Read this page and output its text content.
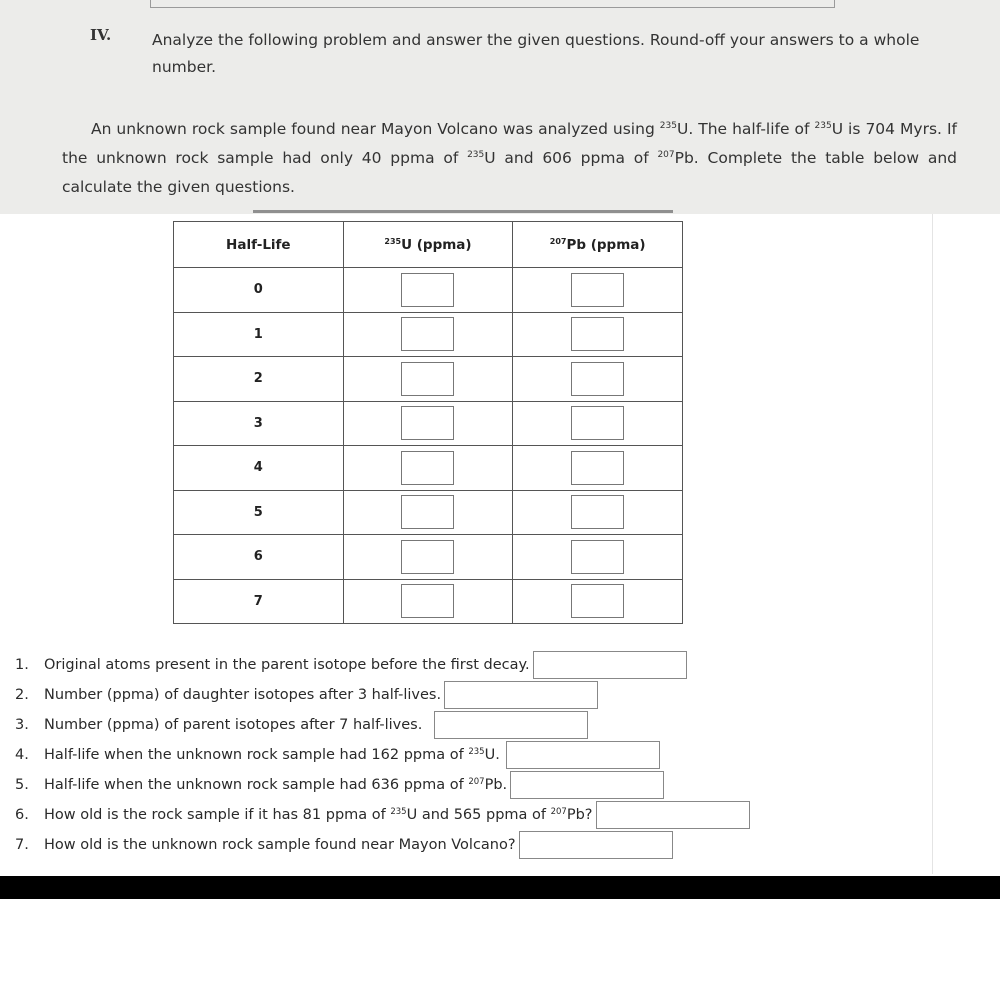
IV.	Analyze the following problem and answer the given questions. Round-off your answers to a whole number.
An unknown rock sample found near Mayon Volcano was analyzed using $^{235}$U. The half-life of $^{235}$U is 704 Myrs. If the unknown rock sample had only 40 ppma of $^{235}$U and 606 ppma of $^{207}$Pb. Complete the table below and calculate the given questions.
Half-Life	$^{235}$U (ppma)	$^{207}$Pb (ppma)
0		
1		
2		
3		
4		
5		
6		
7		
1.	Original atoms present in the parent isotope before the first decay.
2.	Number (ppma) of daughter isotopes after 3 half-lives.
3.	Number (ppma) of parent isotopes after 7 half-lives.
4.	Half-life when the unknown rock sample had 162 ppma of $^{235}$U.
5.	Half-life when the unknown rock sample had 636 ppma of $^{207}$Pb.
6.	How old is the rock sample if it has 81 ppma of $^{235}$U and 565 ppma of $^{207}$Pb?
7.	How old is the unknown rock sample found near Mayon Volcano?
